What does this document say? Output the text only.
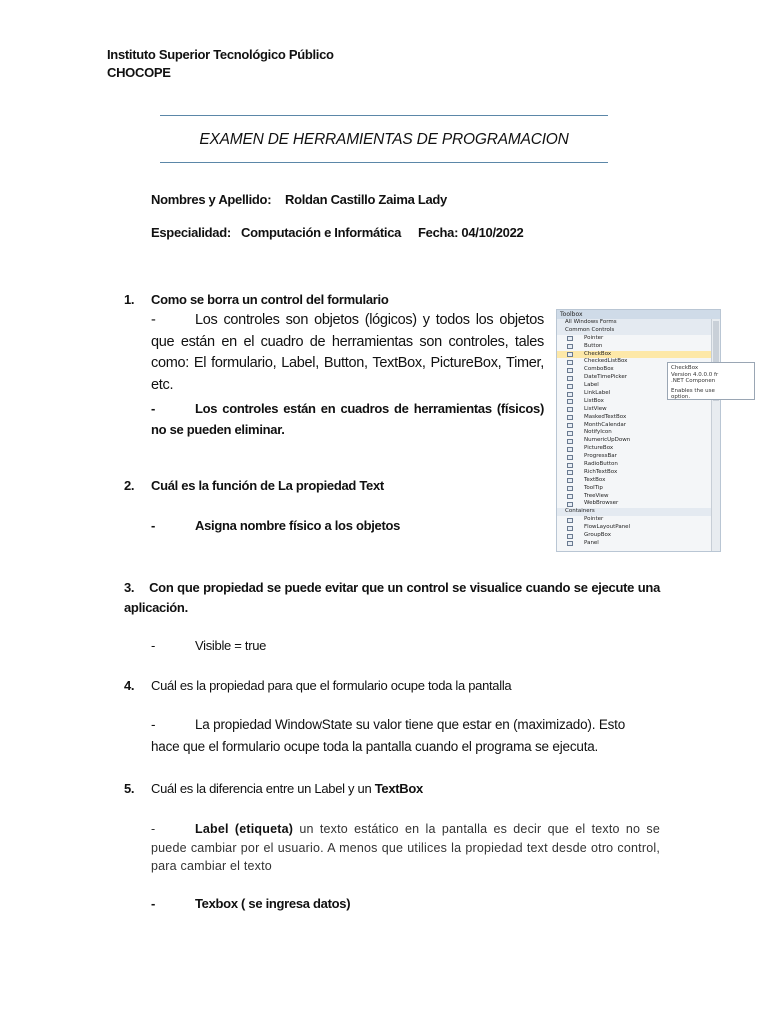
Instituto Superior Tecnológico Público
CHOCOPE
EXAMEN DE HERRAMIENTAS DE PROGRAMACION
Nombres y Apellido: Roldan Castillo Zaima Lady
Especialidad: Computación e Informática Fecha: 04/10/2022
1. Como se borra un control del formulario
-	Los controles son objetos (lógicos) y todos los objetos que están en el cuadro de herramientas son controles, tales como: El formulario, Label, Button, TextBox, PictureBox, Timer, etc.
-	Los controles están en cuadros de herramientas (físicos) no se pueden eliminar.
Toolbox
All Windows Forms
Common Controls
Pointer
Button
CheckBox
CheckedListBox
ComboBox
DateTimePicker
Label
LinkLabel
ListBox
ListView
MaskedTextBox
MonthCalendar
NotifyIcon
NumericUpDown
PictureBox
ProgressBar
RadioButton
RichTextBox
TextBox
ToolTip
TreeView
WebBrowser
Containers
Pointer
FlowLayoutPanel
GroupBox
Panel
CheckBox
Version 4.0.0.0 fr
.NET Componen
Enables the use
option.
2. Cuál es la función de La propiedad Text
-	Asigna nombre físico a los objetos
3. Con que propiedad se puede evitar que un control se visualice cuando se ejecute una aplicación.
-	Visible = true
4. Cuál es la propiedad para que el formulario ocupe toda la pantalla
-	La propiedad WindowState su valor tiene que estar en (maximizado). Esto hace que el formulario ocupe toda la pantalla cuando el programa se ejecuta.
5. Cuál es la diferencia entre un Label y un TextBox
-	Label (etiqueta) un texto estático en la pantalla es decir que el texto no se puede cambiar por el usuario. A menos que utilices la propiedad text desde otro control, para cambiar el texto
-	Texbox ( se ingresa datos)
